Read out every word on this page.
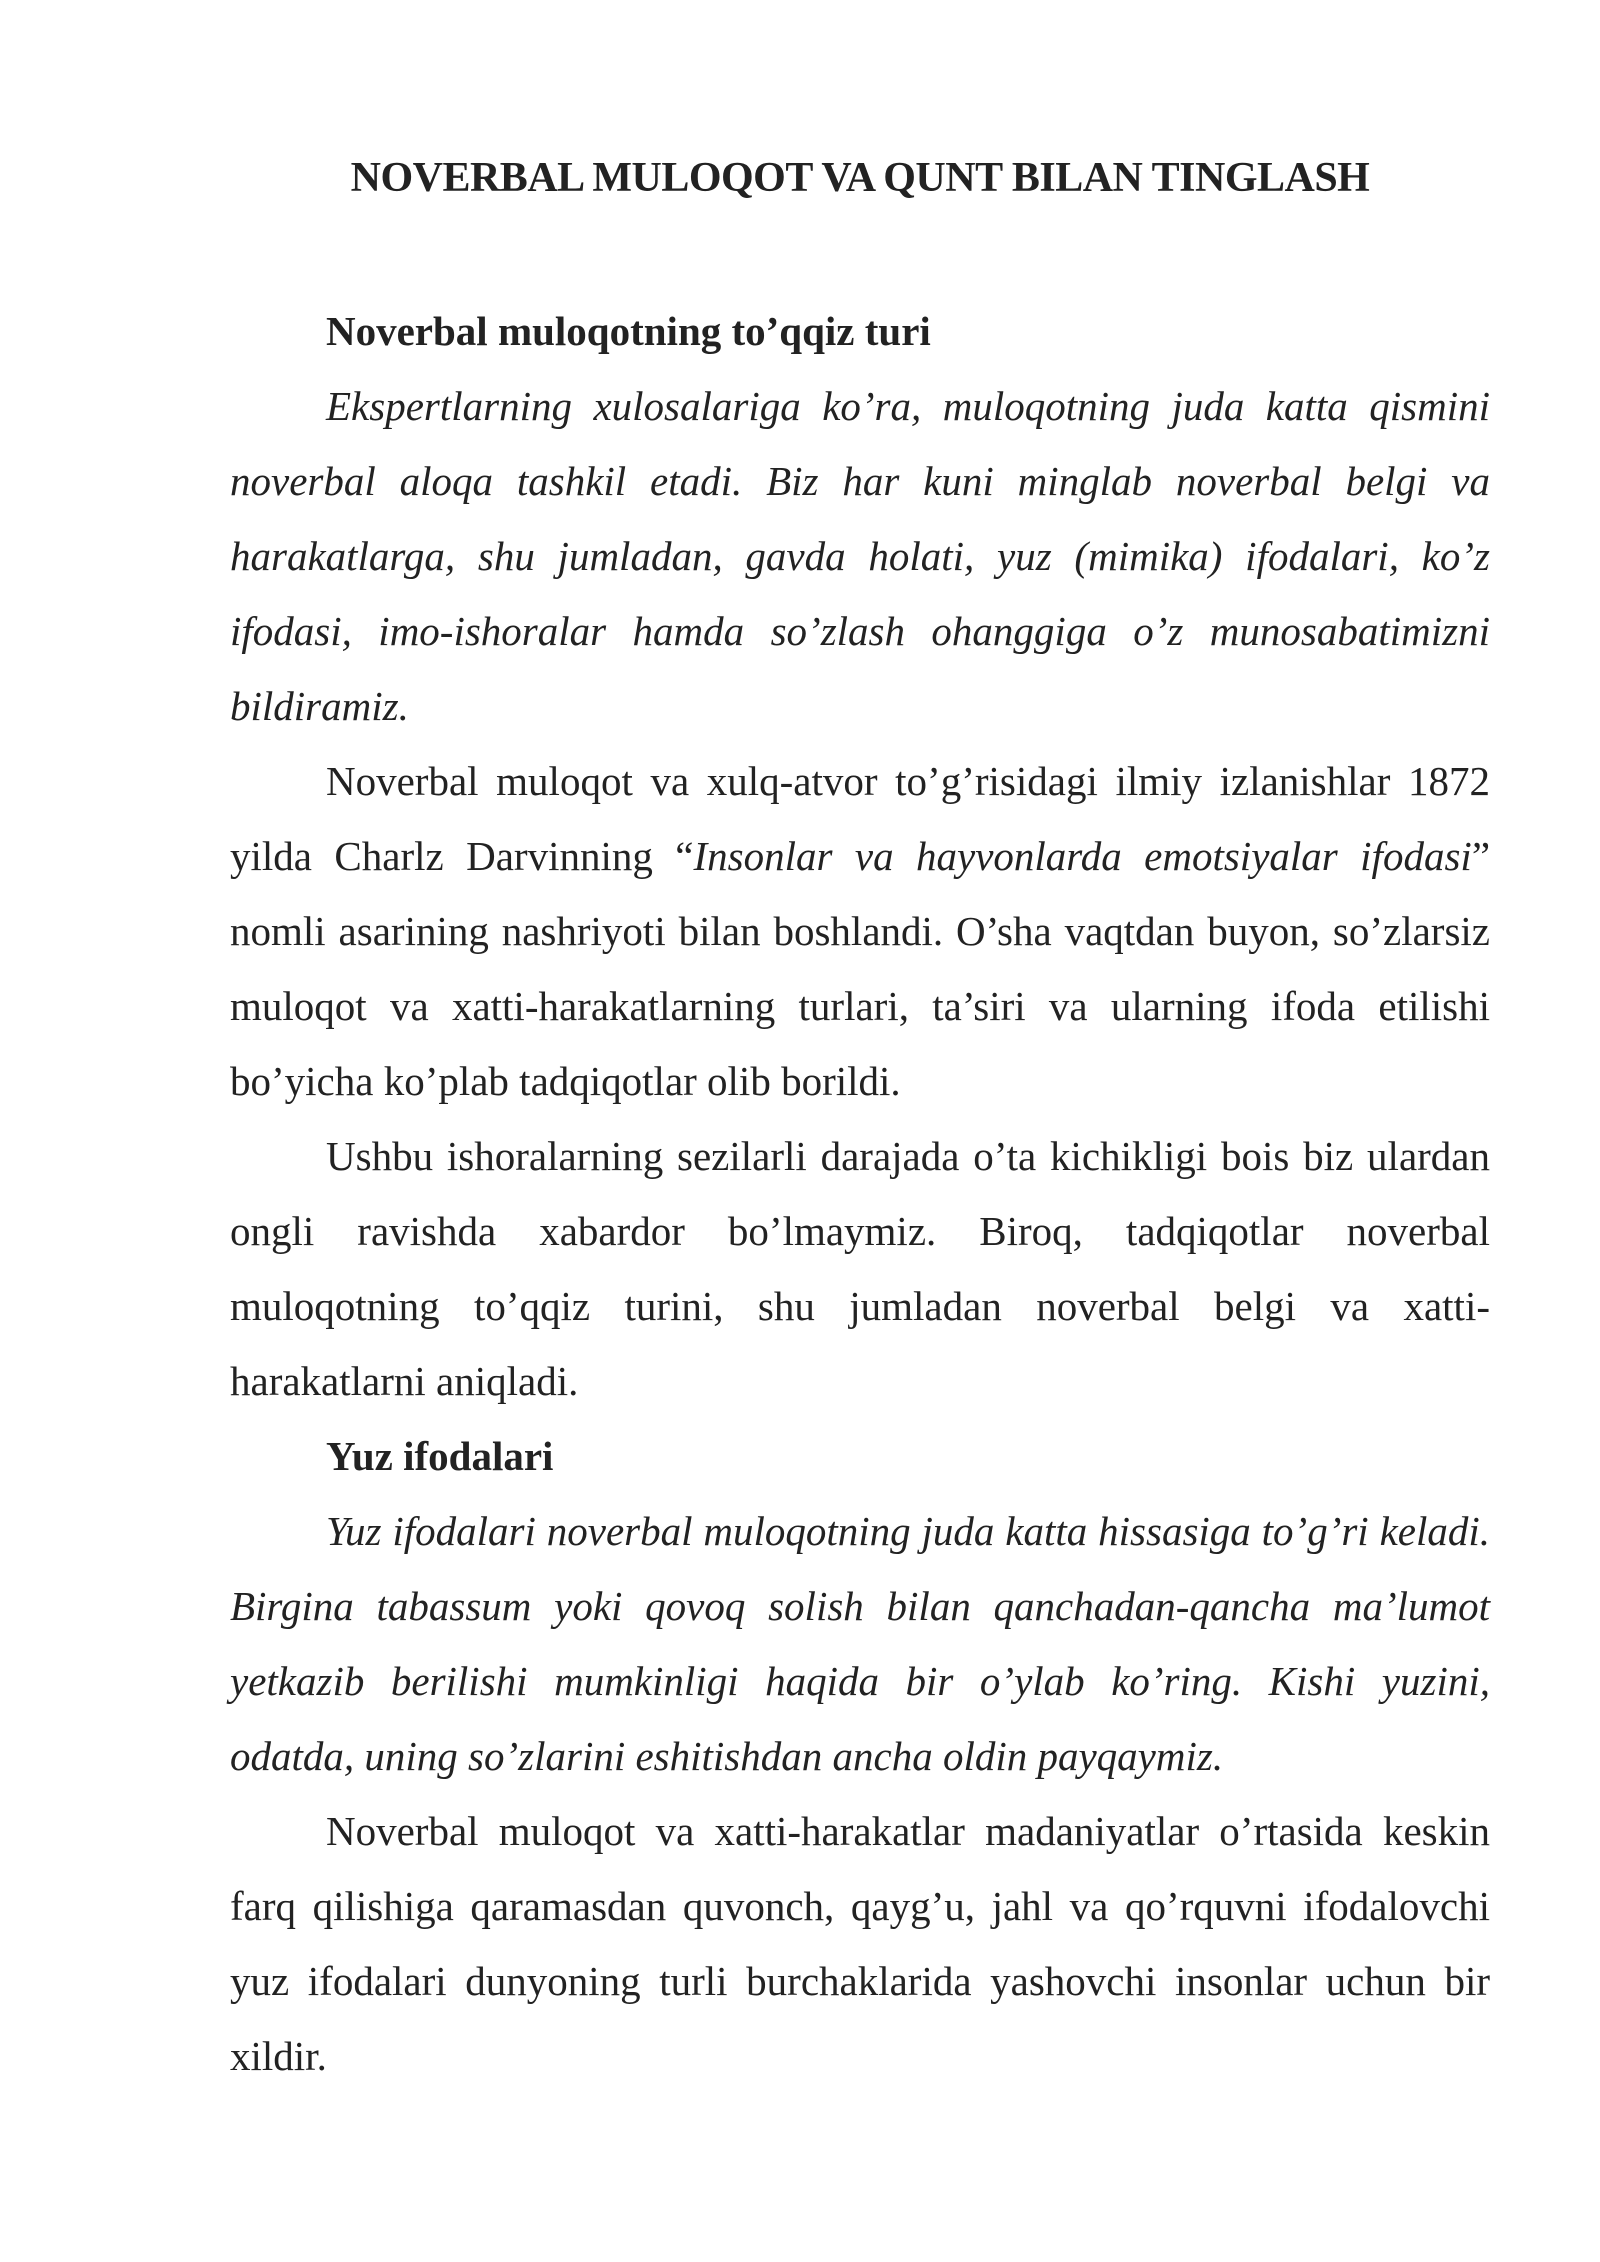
NOVERBAL MULOQOT VA QUNT BILAN TINGLASH
Noverbal muloqotning to’qqiz turi

Ekspertlarning xulosalariga ko’ra, muloqotning juda katta qismini noverbal aloqa tashkil etadi. Biz har kuni minglab noverbal belgi va harakatlarga, shu jumladan, gavda holati, yuz (mimika) ifodalari, ko’z ifodasi, imo-ishoralar hamda so’zlash ohanggiga o’z munosabatimizni bildiramiz.

Noverbal muloqot va xulq-atvor to’g’risidagi ilmiy izlanishlar 1872 yilda Charlz Darvinning “Insonlar va hayvonlarda emotsiyalar ifodasi” nomli asarining nashriyoti bilan boshlandi. O’sha vaqtdan buyon, so’zlarsiz muloqot va xatti-harakatlarning turlari, ta’siri va ularning ifoda etilishi bo’yicha ko’plab tadqiqotlar olib borildi.

Ushbu ishoralarning sezilarli darajada o’ta kichikligi bois biz ulardan ongli ravishda xabardor bo’lmaymiz. Biroq, tadqiqotlar noverbal muloqotning to’qqiz turini, shu jumladan noverbal belgi va xatti-harakatlarni aniqladi.

Yuz ifodalari

Yuz ifodalari noverbal muloqotning juda katta hissasiga to’g’ri keladi. Birgina tabassum yoki qovoq solish bilan qanchadan-qancha ma’lumot yetkazib berilishi mumkinligi haqida bir o’ylab ko’ring. Kishi yuzini, odatda, uning so’zlarini eshitishdan ancha oldin payqaymiz.

Noverbal muloqot va xatti-harakatlar madaniyatlar o’rtasida keskin farq qilishiga qaramasdan quvonch, qayg’u, jahl va qo’rquvni ifodalovchi yuz ifodalari dunyoning turli burchaklarida yashovchi insonlar uchun bir xildir.
